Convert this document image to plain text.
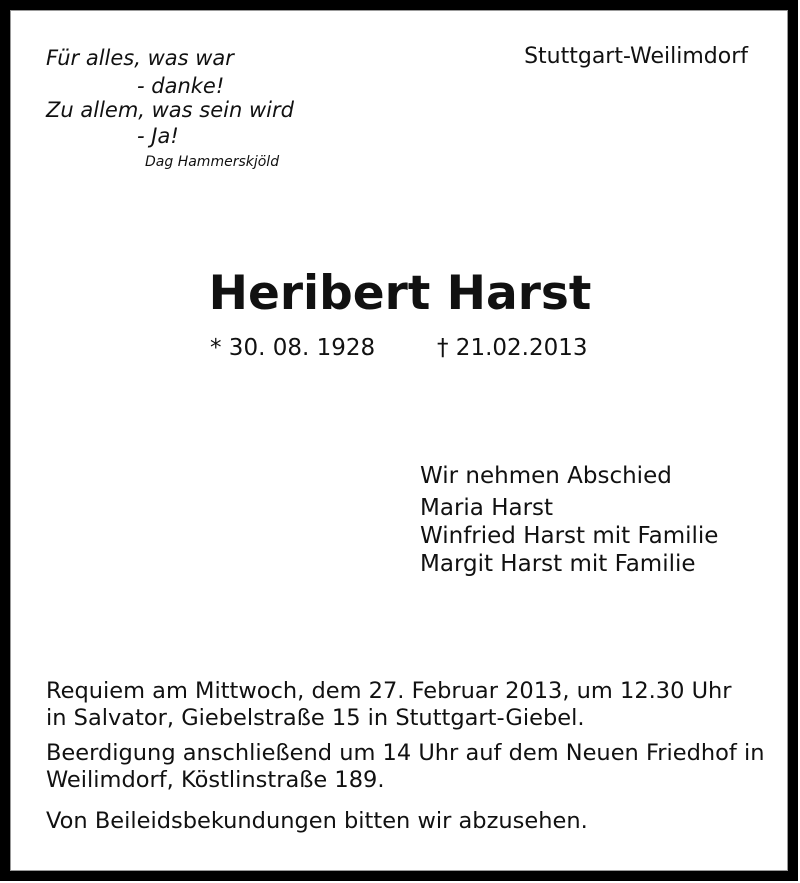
Für alles, was war
- danke!
Zu allem, was sein wird
- Ja!
Dag Hammerskjöld
Stuttgart-Weilimdorf
Heribert Harst
* 30. 08. 1928	† 21.02.2013
Wir nehmen Abschied
Maria Harst
Winfried Harst mit Familie
Margit Harst mit Familie
Requiem am Mittwoch, dem 27. Februar 2013, um 12.30 Uhr
in Salvator, Giebelstraße 15 in Stuttgart-Giebel.
Beerdigung anschließend um 14 Uhr auf dem Neuen Friedhof in
Weilimdorf, Köstlinstraße 189.
Von Beileidsbekundungen bitten wir abzusehen.
